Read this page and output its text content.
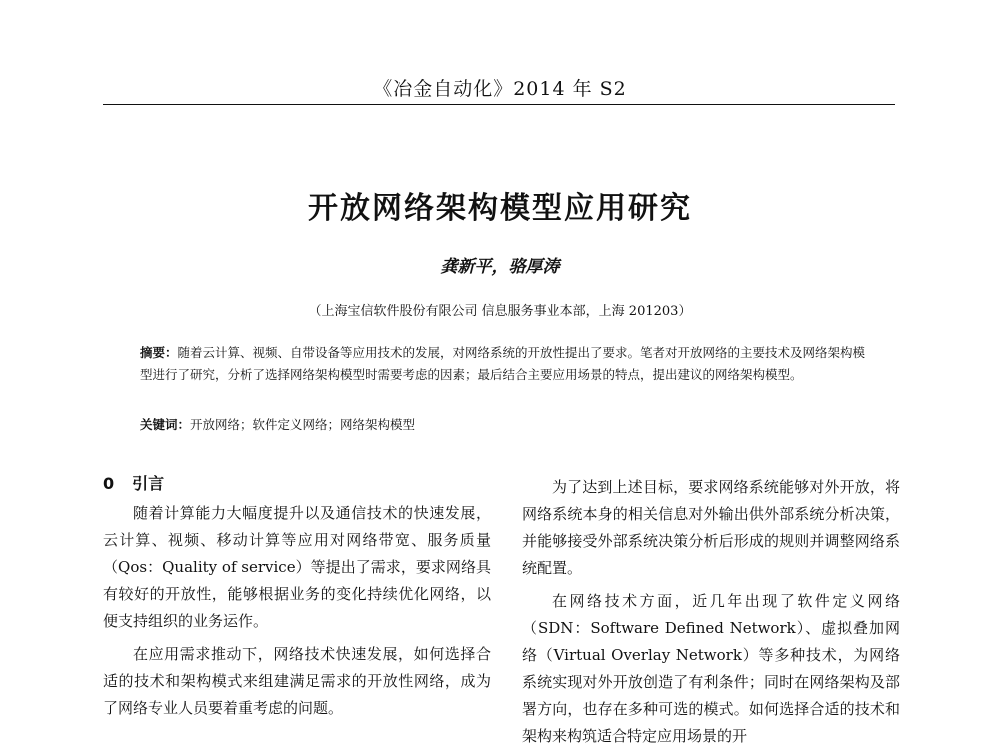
《冶金自动化》2014 年 S2
开放网络架构模型应用研究
龚新平，骆厚涛
（上海宝信软件股份有限公司 信息服务事业本部，上海 201203）
摘要：随着云计算、视频、自带设备等应用技术的发展，对网络系统的开放性提出了要求。笔者对开放网络的主要技术及网络架构模型进行了研究，分析了选择网络架构模型时需要考虑的因素；最后结合主要应用场景的特点，提出建议的网络架构模型。
关键词：开放网络；软件定义网络；网络架构模型
0 引言

随着计算能力大幅度提升以及通信技术的快速发展，云计算、视频、移动计算等应用对网络带宽、服务质量（Qos：Quality of service）等提出了需求，要求网络具有较好的开放性，能够根据业务的变化持续优化网络，以便支持组织的业务运作。

在应用需求推动下，网络技术快速发展，如何选择合适的技术和架构模式来组建满足需求的开放性网络，成为了网络专业人员要着重考虑的问题。

为了达到上述目标，要求网络系统能够对外开放，将网络系统本身的相关信息对外输出供外部系统分析决策，并能够接受外部系统决策分析后形成的规则并调整网络系统配置。

在网络技术方面，近几年出现了软件定义网络（SDN：Software Defined Network）、虚拟叠加网络（Virtual Overlay Network）等多种技术，为网络系统实现对外开放创造了有利条件；同时在网络架构及部署方向，也存在多种可选的模式。如何选择合适的技术和架构来构筑适合特定应用场景的开
